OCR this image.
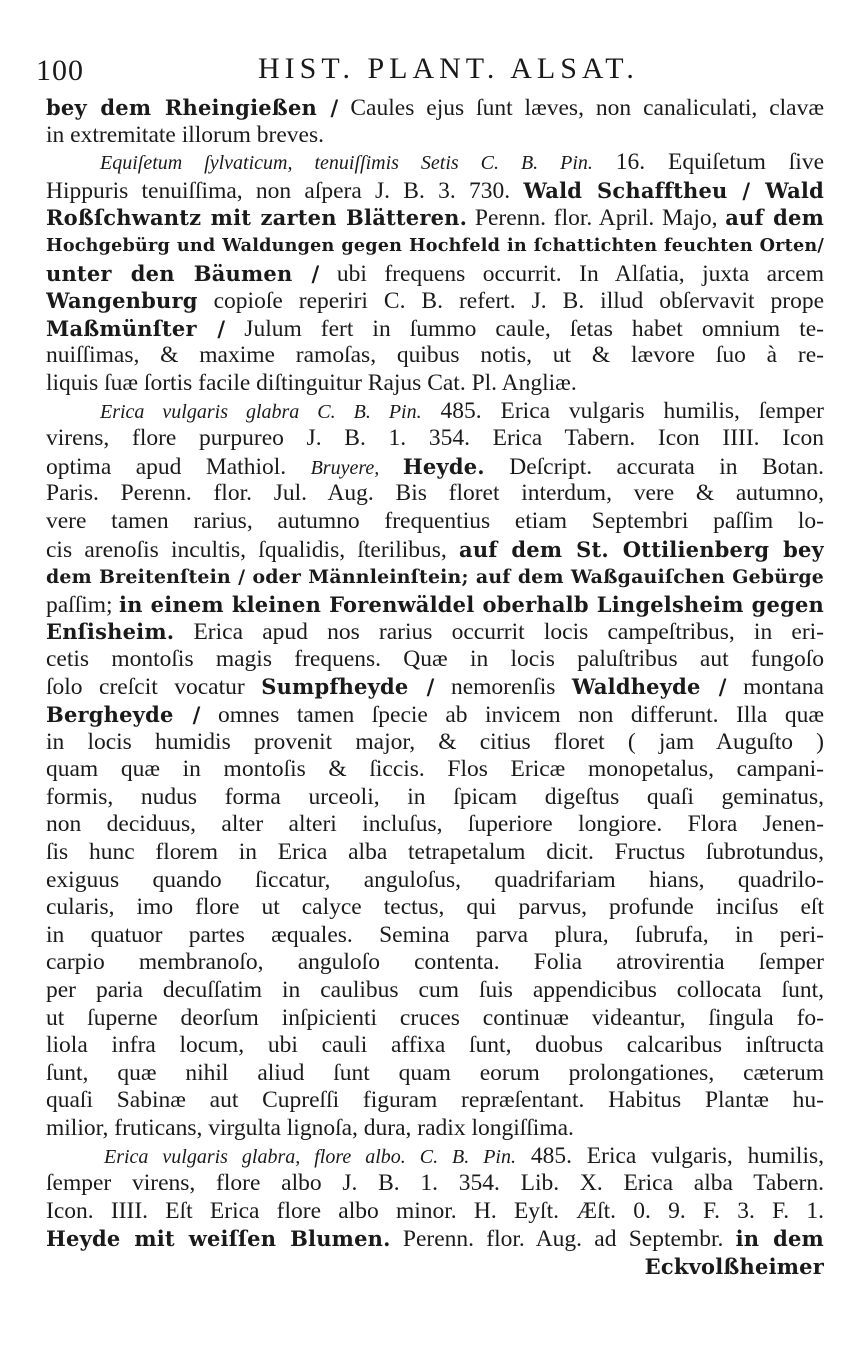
100	HIST. PLANT. ALSAT.
bey dem Rheingießen / Caules ejus ſunt læves, non canaliculati, clavæ
in extremitate illorum breves.
Equiſetum ſylvaticum, tenuiſſimis Setis C. B. Pin. 16. Equiſetum ſive
Hippuris tenuiſſima, non aſpera J. B. 3. 730. Wald Schafftheu / Wald
Roßſchwantz mit zarten Blätteren. Perenn. flor. April. Majo, auf dem
Hochgebürg und Waldungen gegen Hochfeld in ſchattichten feuchten Orten/
unter den Bäumen / ubi frequens occurrit. In Alſatia, juxta arcem
Wangenburg copioſe reperiri C. B. refert. J. B. illud obſervavit prope
Maßmünſter / Julum fert in ſummo caule, ſetas habet omnium te-
nuiſſimas, & maxime ramoſas, quibus notis, ut & lævore ſuo à re-
liquis ſuæ ſortis facile diſtinguitur Rajus Cat. Pl. Angliæ.
Erica vulgaris glabra C. B. Pin. 485. Erica vulgaris humilis, ſemper
virens, flore purpureo J. B. 1. 354. Erica Tabern. Icon IIII. Icon
optima apud Mathiol. Bruyere, Heyde. Deſcript. accurata in Botan.
Paris. Perenn. flor. Jul. Aug. Bis floret interdum, vere & autumno,
vere tamen rarius, autumno frequentius etiam Septembri paſſim lo-
cis arenoſis incultis, ſqualidis, ſterilibus, auf dem St. Ottilienberg bey
dem Breitenſtein / oder Männleinſtein; auf dem Waßgauiſchen Gebürge
paſſim; in einem kleinen Forenwäldel oberhalb Lingelsheim gegen
Enſisheim. Erica apud nos rarius occurrit locis campeſtribus, in eri-
cetis montoſis magis frequens. Quæ in locis paluſtribus aut fungoſo
ſolo creſcit vocatur Sumpfheyde / nemorenſis Waldheyde / montana
Bergheyde / omnes tamen ſpecie ab invicem non differunt. Illa quæ
in locis humidis provenit major, & citius floret ( jam Auguſto )
quam quæ in montoſis & ſiccis. Flos Ericæ monopetalus, campani-
formis, nudus forma urceoli, in ſpicam digeſtus quaſi geminatus,
non deciduus, alter alteri incluſus, ſuperiore longiore. Flora Jenen-
ſis hunc florem in Erica alba tetrapetalum dicit. Fructus ſubrotundus,
exiguus quando ſiccatur, anguloſus, quadrifariam hians, quadrilo-
cularis, imo flore ut calyce tectus, qui parvus, profunde inciſus eſt
in quatuor partes æquales. Semina parva plura, ſubrufa, in peri-
carpio membranoſo, anguloſo contenta. Folia atrovirentia ſemper
per paria decuſſatim in caulibus cum ſuis appendicibus collocata ſunt,
ut ſuperne deorſum inſpicienti cruces continuæ videantur, ſingula fo-
liola infra locum, ubi cauli affixa ſunt, duobus calcaribus inſtructa
ſunt, quæ nihil aliud ſunt quam eorum prolongationes, cæterum
quaſi Sabinæ aut Cupreſſi figuram repræſentant. Habitus Plantæ hu-
milior, fruticans, virgulta lignoſa, dura, radix longiſſima.
Erica vulgaris glabra, flore albo. C. B. Pin. 485. Erica vulgaris, humilis,
ſemper virens, flore albo J. B. 1. 354. Lib. X. Erica alba Tabern.
Icon. IIII. Eſt Erica flore albo minor. H. Eyſt. Æſt. 0. 9. F. 3. F. 1.
Heyde mit weiſſen Blumen. Perenn. flor. Aug. ad Septembr. in dem
Eckvolßheimer
